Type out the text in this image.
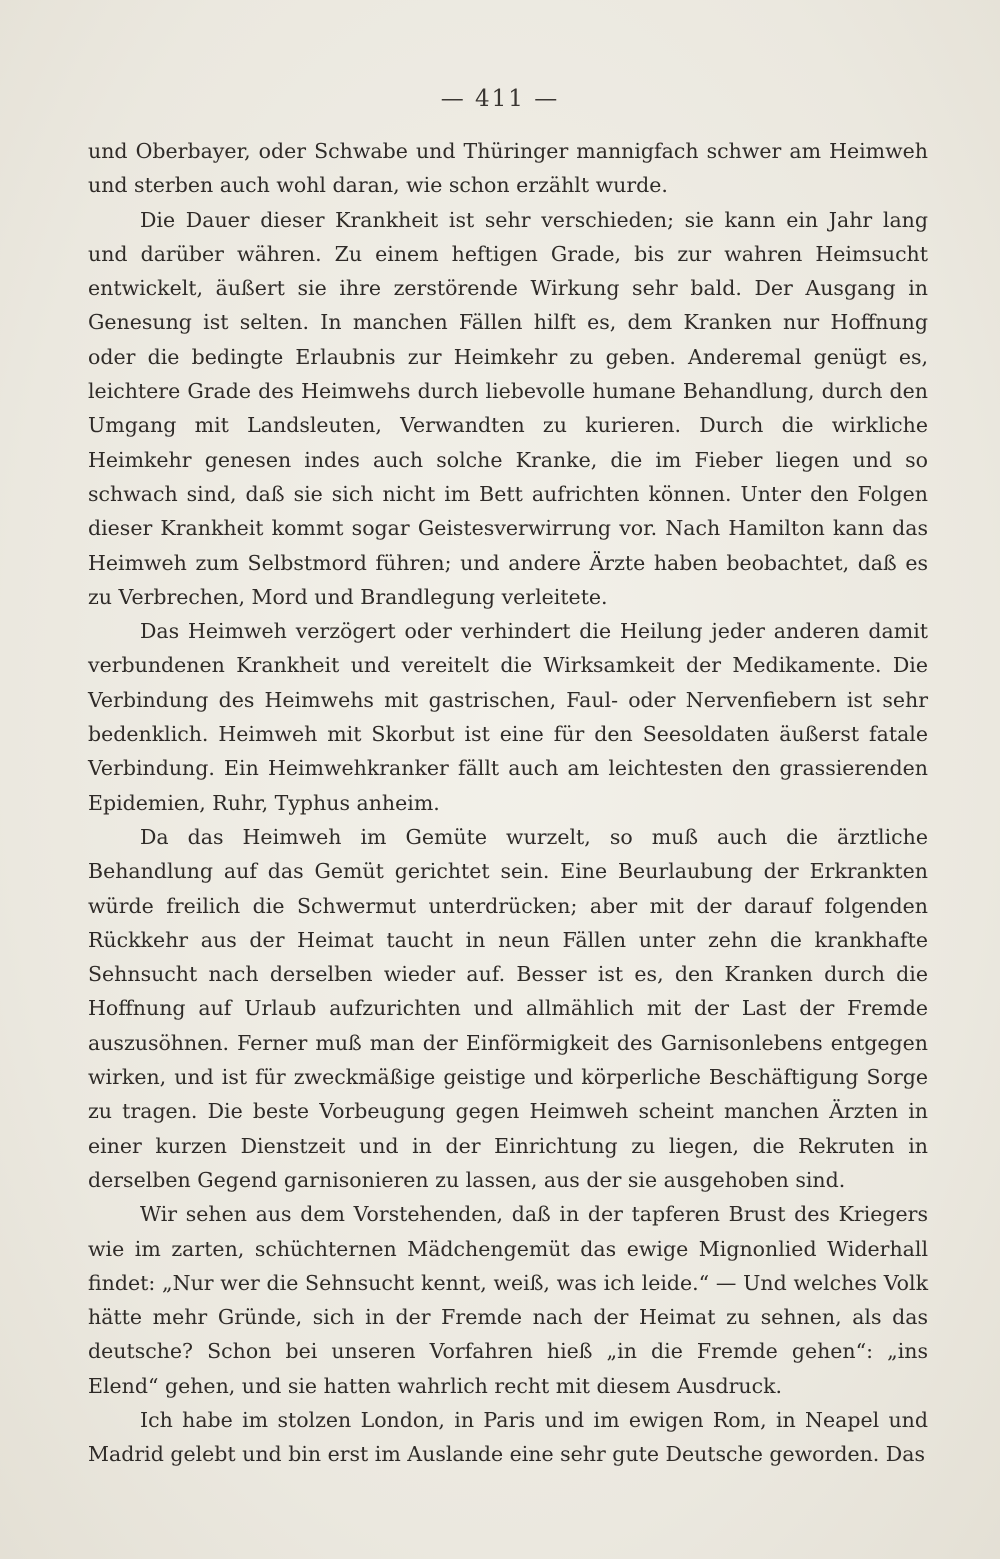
— 411 —

und Oberbayer, oder Schwabe und Thüringer mannigfach schwer am Heimweh und sterben auch wohl daran, wie schon erzählt wurde.

Die Dauer dieser Krankheit ist sehr verschieden; sie kann ein Jahr lang und darüber währen. Zu einem heftigen Grade, bis zur wahren Heimsucht entwickelt, äußert sie ihre zerstörende Wirkung sehr bald. Der Ausgang in Genesung ist selten. In manchen Fällen hilft es, dem Kranken nur Hoffnung oder die bedingte Erlaubnis zur Heimkehr zu geben. Anderemal genügt es, leichtere Grade des Heimwehs durch liebevolle humane Behandlung, durch den Umgang mit Landsleuten, Verwandten zu kurieren. Durch die wirkliche Heimkehr genesen indes auch solche Kranke, die im Fieber liegen und so schwach sind, daß sie sich nicht im Bett aufrichten können. Unter den Folgen dieser Krankheit kommt sogar Geistesverwirrung vor. Nach Hamilton kann das Heimweh zum Selbstmord führen; und andere Ärzte haben beobachtet, daß es zu Verbrechen, Mord und Brandlegung verleitete.

Das Heimweh verzögert oder verhindert die Heilung jeder anderen damit verbundenen Krankheit und vereitelt die Wirksamkeit der Medikamente. Die Verbindung des Heimwehs mit gastrischen, Faul- oder Nervenfiebern ist sehr bedenklich. Heimweh mit Skorbut ist eine für den Seesoldaten äußerst fatale Verbindung. Ein Heimwehkranker fällt auch am leichtesten den grassierenden Epidemien, Ruhr, Typhus anheim.

Da das Heimweh im Gemüte wurzelt, so muß auch die ärztliche Behandlung auf das Gemüt gerichtet sein. Eine Beurlaubung der Erkrankten würde freilich die Schwermut unterdrücken; aber mit der darauf folgenden Rückkehr aus der Heimat taucht in neun Fällen unter zehn die krankhafte Sehnsucht nach derselben wieder auf. Besser ist es, den Kranken durch die Hoffnung auf Urlaub aufzurichten und allmählich mit der Last der Fremde auszusöhnen. Ferner muß man der Einförmigkeit des Garnisonlebens entgegen wirken, und ist für zweckmäßige geistige und körperliche Beschäftigung Sorge zu tragen. Die beste Vorbeugung gegen Heimweh scheint manchen Ärzten in einer kurzen Dienstzeit und in der Einrichtung zu liegen, die Rekruten in derselben Gegend garnisonieren zu lassen, aus der sie ausgehoben sind.

Wir sehen aus dem Vorstehenden, daß in der tapferen Brust des Kriegers wie im zarten, schüchternen Mädchengemüt das ewige Mignonlied Widerhall findet: „Nur wer die Sehnsucht kennt, weiß, was ich leide.“ — Und welches Volk hätte mehr Gründe, sich in der Fremde nach der Heimat zu sehnen, als das deutsche? Schon bei unseren Vorfahren hieß „in die Fremde gehen“: „ins Elend“ gehen, und sie hatten wahrlich recht mit diesem Ausdruck.

Ich habe im stolzen London, in Paris und im ewigen Rom, in Neapel und Madrid gelebt und bin erst im Auslande eine sehr gute Deutsche geworden. Das
